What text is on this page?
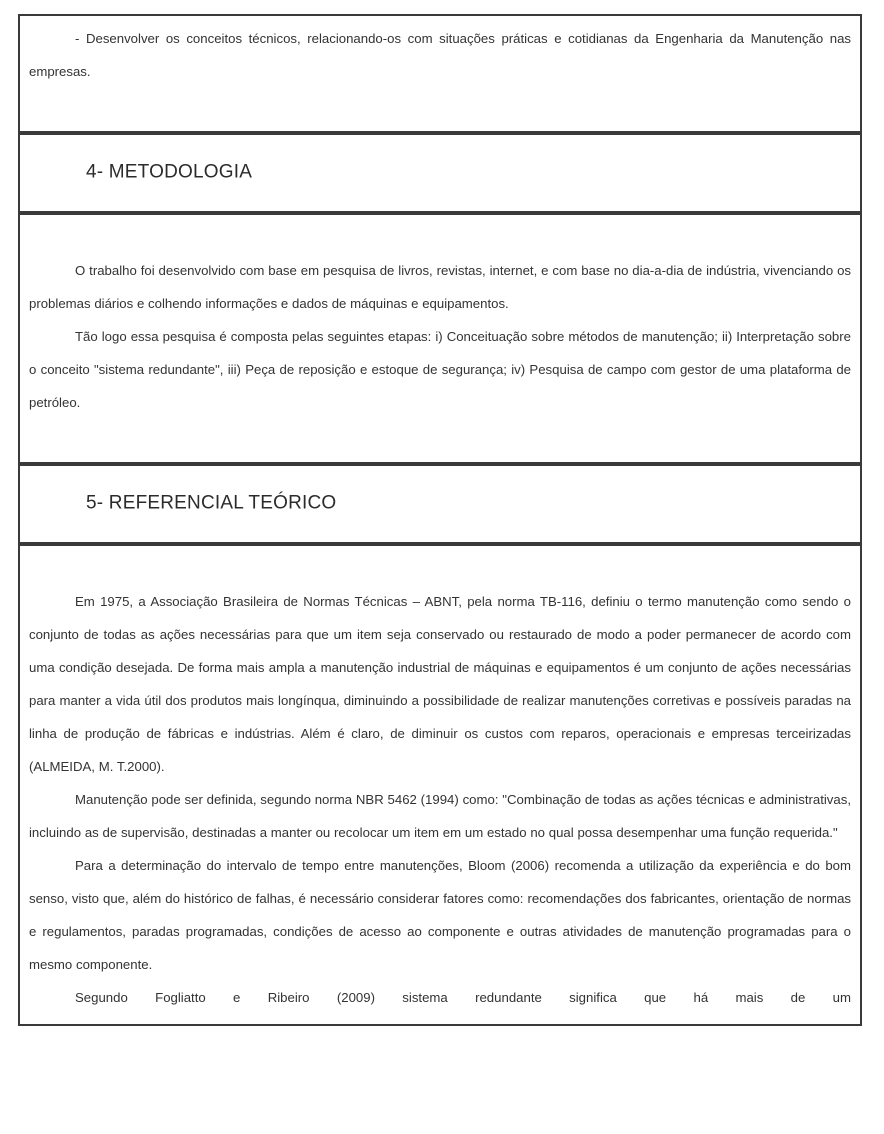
- Desenvolver os conceitos técnicos, relacionando-os com situações práticas e cotidianas da Engenharia da Manutenção nas empresas.

4- METODOLOGIA

O trabalho foi desenvolvido com base em pesquisa de livros, revistas, internet, e com base no dia-a-dia de indústria, vivenciando os problemas diários e colhendo informações e dados de máquinas e equipamentos.

Tão logo essa pesquisa é composta pelas seguintes etapas: i) Conceituação sobre métodos de manutenção; ii) Interpretação sobre o conceito "sistema redundante", iii) Peça de reposição e estoque de segurança; iv) Pesquisa de campo com gestor de uma plataforma de petróleo.

5- REFERENCIAL TEÓRICO

Em 1975, a Associação Brasileira de Normas Técnicas – ABNT, pela norma TB-116, definiu o termo manutenção como sendo o conjunto de todas as ações necessárias para que um item seja conservado ou restaurado de modo a poder permanecer de acordo com uma condição desejada. De forma mais ampla a manutenção industrial de máquinas e equipamentos é um conjunto de ações necessárias para manter a vida útil dos produtos mais longínqua, diminuindo a possibilidade de realizar manutenções corretivas e possíveis paradas na linha de produção de fábricas e indústrias. Além é claro, de diminuir os custos com reparos, operacionais e empresas terceirizadas (ALMEIDA, M. T.2000).

Manutenção pode ser definida, segundo norma NBR 5462 (1994) como: "Combinação de todas as ações técnicas e administrativas, incluindo as de supervisão, destinadas a manter ou recolocar um item em um estado no qual possa desempenhar uma função requerida."

Para a determinação do intervalo de tempo entre manutenções, Bloom (2006) recomenda a utilização da experiência e do bom senso, visto que, além do histórico de falhas, é necessário considerar fatores como: recomendações dos fabricantes, orientação de normas e regulamentos, paradas programadas, condições de acesso ao componente e outras atividades de manutenção programadas para o mesmo componente.

Segundo Fogliatto e Ribeiro (2009) sistema redundante significa que há mais de um
